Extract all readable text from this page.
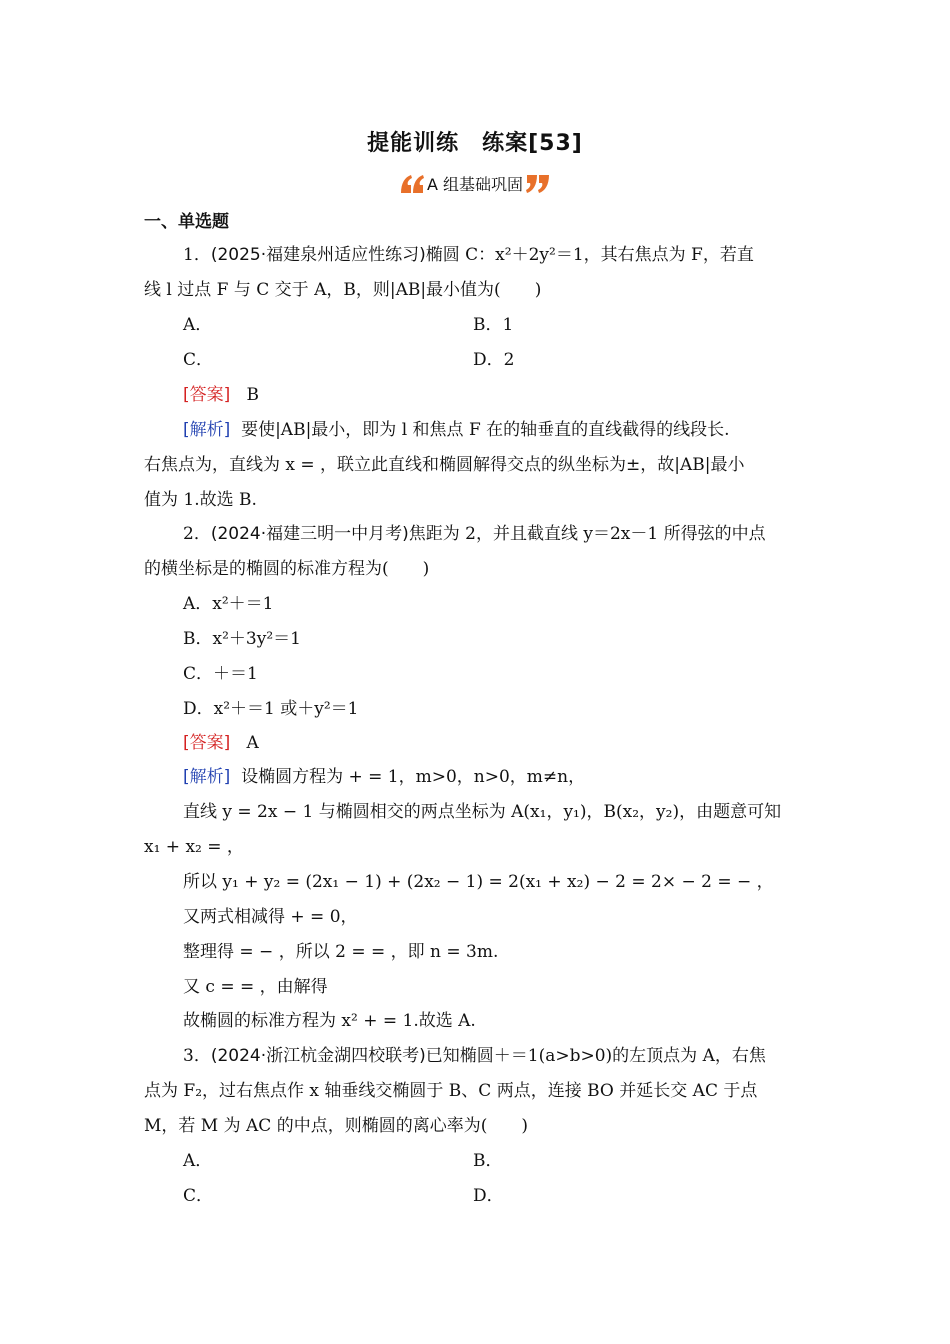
提能训练　练案[53]
A 组基础巩固
一、单选题
1．(2025·福建泉州适应性练习)椭圆 C：x²＋2y²＝1，其右焦点为 F，若直
线 l 过点 F 与 C 交于 A，B，则|AB|最小值为(　　)
A．	B．1
C．	D．2
[答案] B
[解析] 要使|AB|最小，即为 l 和焦点 F 在的轴垂直的直线截得的线段长.
右焦点为，直线为 x = ，联立此直线和椭圆解得交点的纵坐标为±，故|AB|最小
值为 1.故选 B.
2．(2024·福建三明一中月考)焦距为 2，并且截直线 y＝2x－1 所得弦的中点
的横坐标是的椭圆的标准方程为(　　)
A．x²＋＝1
B．x²＋3y²＝1
C．＋＝1
D．x²＋＝1 或＋y²＝1
[答案] A
[解析] 设椭圆方程为 + = 1，m>0，n>0，m≠n，
直线 y = 2x − 1 与椭圆相交的两点坐标为 A(x₁，y₁)，B(x₂，y₂)，由题意可知
x₁ + x₂ = ，
所以 y₁ + y₂ = (2x₁ − 1) + (2x₂ − 1) = 2(x₁ + x₂) − 2 = 2× − 2 = − ，
又两式相减得 + = 0，
整理得 = − ，所以 2 = = ，即 n = 3m.
又 c = = ，由解得
故椭圆的标准方程为 x² + = 1.故选 A.
3．(2024·浙江杭金湖四校联考)已知椭圆＋＝1(a>b>0)的左顶点为 A，右焦
点为 F₂，过右焦点作 x 轴垂线交椭圆于 B、C 两点，连接 BO 并延长交 AC 于点
M，若 M 为 AC 的中点，则椭圆的离心率为(　　)
A．	B．
C．	D．
